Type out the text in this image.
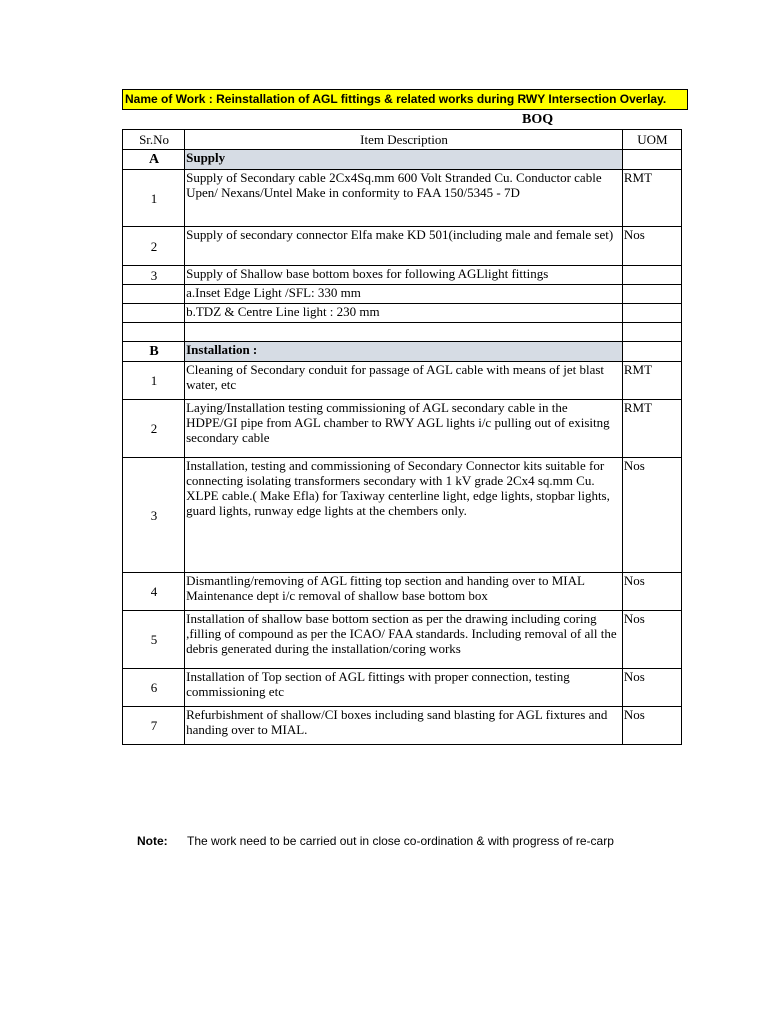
Name of Work : Reinstallation of AGL fittings & related works during RWY Intersection Overlay.
BOQ
Sr.No	Item Description	UOM
A	Supply	
1	Supply of Secondary cable 2Cx4Sq.mm 600 Volt Stranded Cu. Conductor cable Upen/ Nexans/Untel Make in conformity to FAA 150/5345 - 7D	RMT
2	Supply of secondary connector Elfa make KD 501(including male and female set)	Nos
3	Supply of Shallow base bottom boxes for following AGLlight fittings	
	a.Inset Edge Light /SFL: 330 mm	
	b.TDZ & Centre Line light : 230 mm	

B	Installation :	
1	Cleaning of Secondary conduit for passage of AGL cable with means of jet blast water, etc	RMT
2	Laying/Installation testing commissioning of AGL secondary cable in the HDPE/GI pipe from AGL chamber to RWY AGL lights i/c pulling out of exisitng secondary cable	RMT
3	Installation, testing and commissioning of Secondary Connector kits suitable for connecting isolating transformers secondary with 1 kV grade 2Cx4 sq.mm Cu. XLPE cable.( Make Efla) for Taxiway centerline light, edge lights, stopbar lights, guard lights, runway edge lights at the chembers only.	Nos
4	Dismantling/removing of AGL fitting top section and handing over to MIAL Maintenance dept i/c removal of shallow base bottom box	Nos
5	Installation of shallow base bottom section as per the drawing including coring ,filling of compound as per the ICAO/ FAA standards. Including removal of all the debris generated during the installation/coring works	Nos
6	Installation of Top section of AGL fittings with proper connection, testing commissioning etc	Nos
7	Refurbishment of shallow/CI boxes including sand blasting for AGL fixtures and handing over to MIAL.	Nos
Note: The work need to be carried out in close co-ordination & with progress of re-carp
